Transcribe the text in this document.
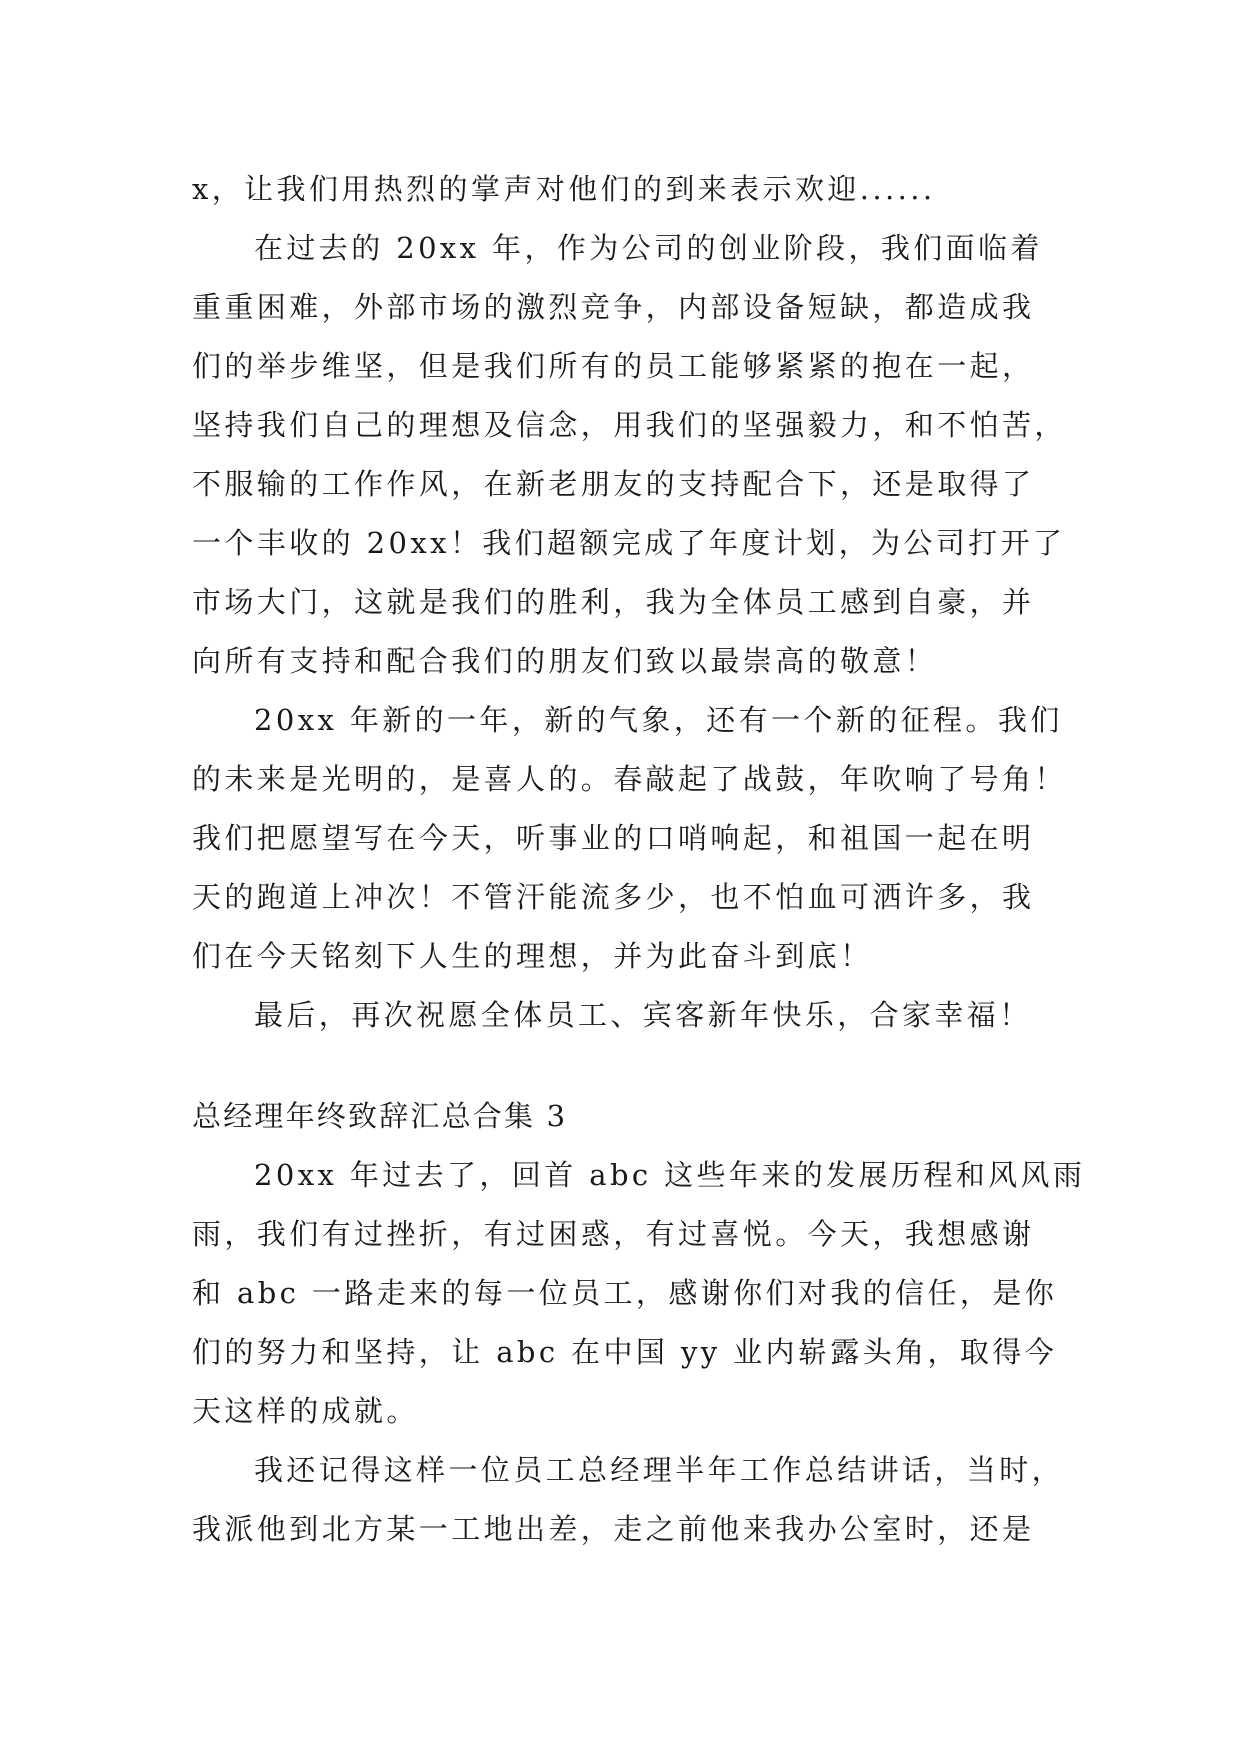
x，让我们用热烈的掌声对他们的到来表示欢迎......

在过去的 20xx 年，作为公司的创业阶段，我们面临着

重重困难，外部市场的激烈竞争，内部设备短缺，都造成我

们的举步维坚，但是我们所有的员工能够紧紧的抱在一起，

坚持我们自己的理想及信念，用我们的坚强毅力，和不怕苦，

不服输的工作作风，在新老朋友的支持配合下，还是取得了

一个丰收的 20xx！我们超额完成了年度计划，为公司打开了

市场大门，这就是我们的胜利，我为全体员工感到自豪，并

向所有支持和配合我们的朋友们致以最崇高的敬意！

20xx 年新的一年，新的气象，还有一个新的征程。我们

的未来是光明的，是喜人的。春敲起了战鼓，年吹响了号角！

我们把愿望写在今天，听事业的口哨响起，和祖国一起在明

天的跑道上冲次！不管汗能流多少，也不怕血可洒许多，我

们在今天铭刻下人生的理想，并为此奋斗到底！

最后，再次祝愿全体员工、宾客新年快乐，合家幸福！

总经理年终致辞汇总合集 3

20xx 年过去了，回首 abc 这些年来的发展历程和风风雨

雨，我们有过挫折，有过困惑，有过喜悦。今天，我想感谢

和 abc 一路走来的每一位员工，感谢你们对我的信任，是你

们的努力和坚持，让 abc 在中国 yy 业内崭露头角，取得今

天这样的成就。

我还记得这样一位员工总经理半年工作总结讲话，当时，

我派他到北方某一工地出差，走之前他来我办公室时，还是
